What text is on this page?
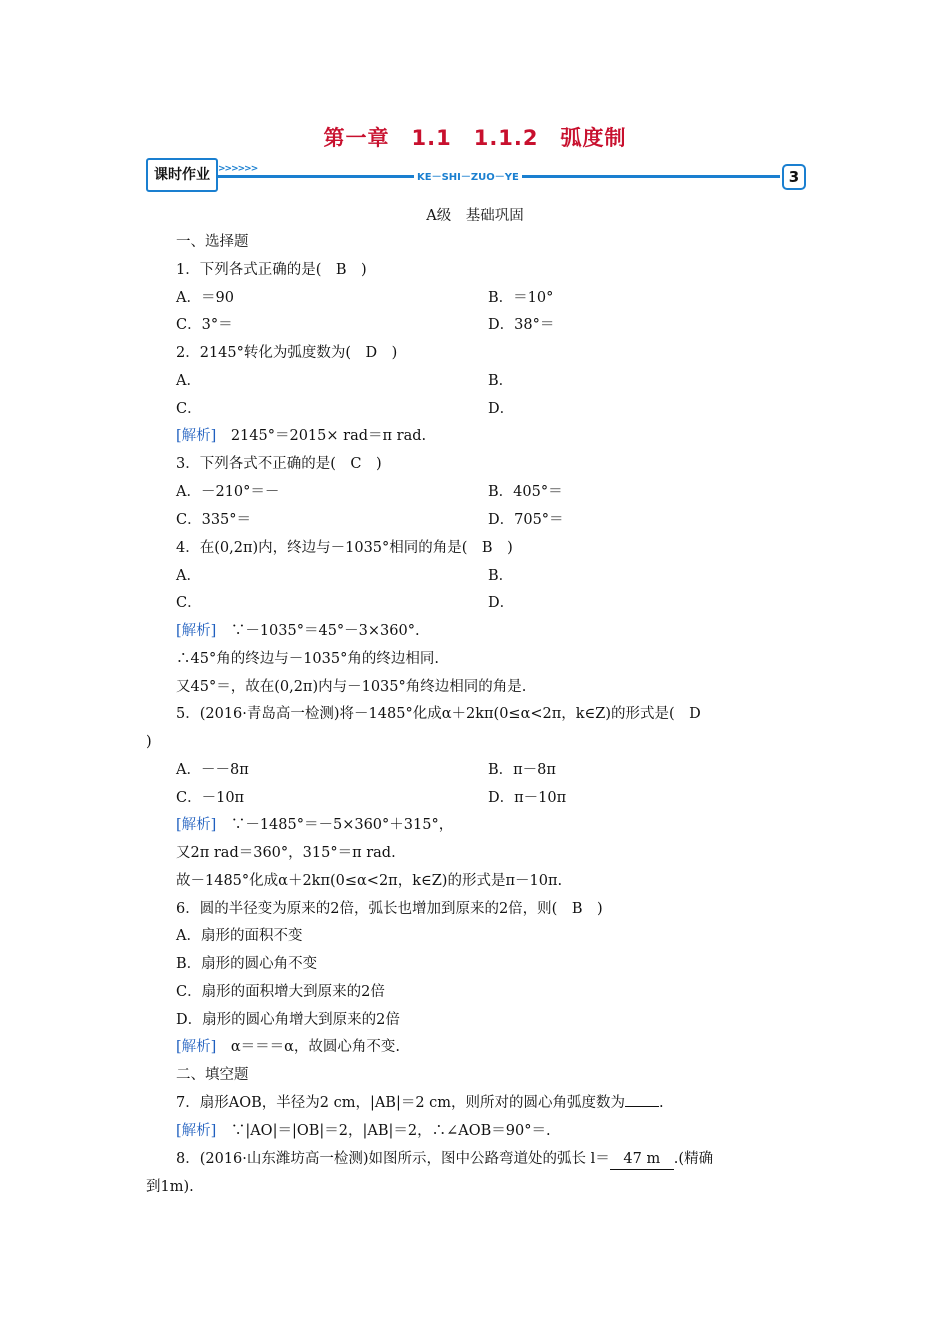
第一章　1.1　1.1.2　弧度制
课时作业 >>>>>>
KE－SHI－ZUO－YE	3
A级　基础巩固
一、选择题
1．下列各式正确的是(　B　)
A．＝90	B．＝10°
C．3°＝	D．38°＝
2．2145°转化为弧度数为(　D　)
A．	B．
C．	D．
[解析]　2145°＝2015× rad＝π rad.
3．下列各式不正确的是(　C　)
A．－210°＝－	B．405°＝
C．335°＝	D．705°＝
4．在(0,2π)内，终边与－1035°相同的角是(　B　)
A．	B．
C．	D．
[解析]　∵－1035°＝45°－3×360°.
∴45°角的终边与－1035°角的终边相同.
又45°＝，故在(0,2π)内与－1035°角终边相同的角是.
5．(2016·青岛高一检测)将－1485°化成α＋2kπ(0≤α<2π，k∈Z)的形式是(　D
)
A．－－8π	B．π－8π
C．－10π	D．π－10π
[解析]　∵－1485°＝－5×360°＋315°，
又2π rad＝360°，315°＝π rad.
故－1485°化成α＋2kπ(0≤α<2π，k∈Z)的形式是π－10π.
6．圆的半径变为原来的2倍，弧长也增加到原来的2倍，则(　B　)
A．扇形的面积不变
B．扇形的圆心角不变
C．扇形的面积增大到原来的2倍
D．扇形的圆心角增大到原来的2倍
[解析]　α＝＝＝α，故圆心角不变.
二、填空题
7．扇形AOB，半径为2 cm，|AB|＝2 cm，则所对的圆心角弧度数为 .
[解析]　∵|AO|＝|OB|＝2，|AB|＝2，∴∠AOB＝90°＝.
8．(2016·山东潍坊高一检测)如图所示，图中公路弯道处的弧长 l＝ 47 m .(精确
到1m).
